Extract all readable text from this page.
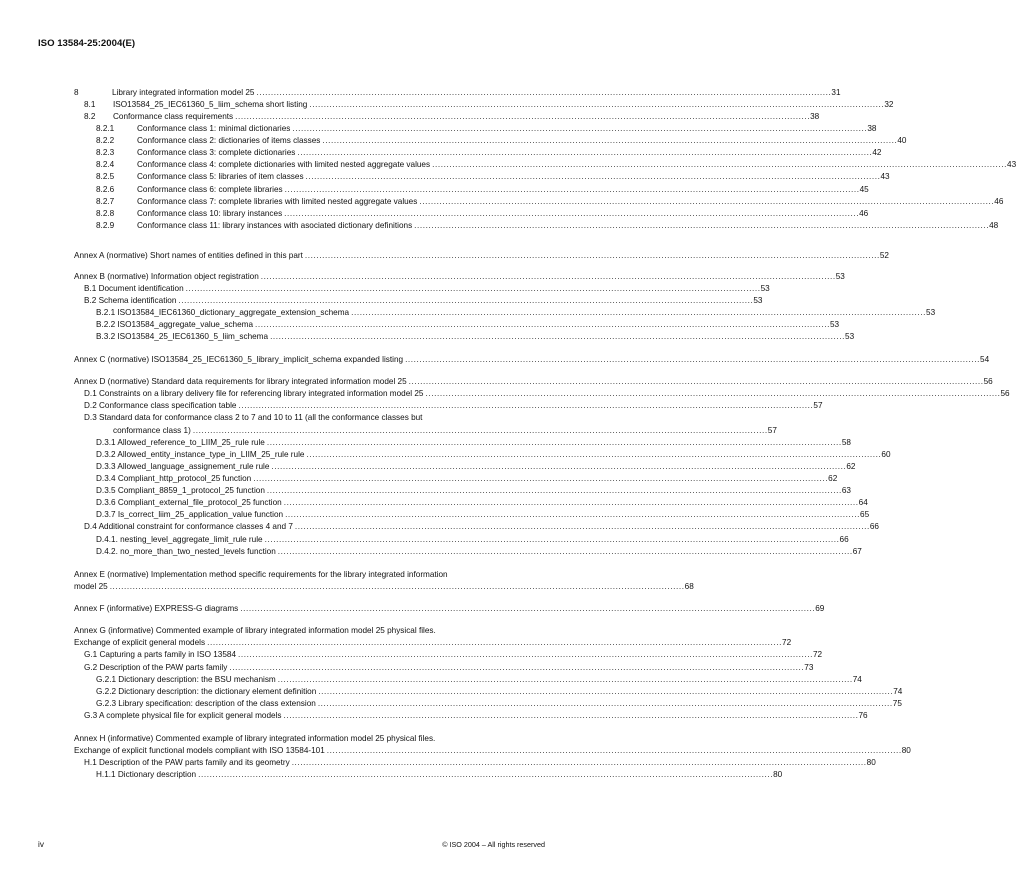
ISO 13584-25:2004(E)
8	Library integrated information model 25 ........................................................................................................................................................................................................ 31
8.1	ISO13584_25_IEC61360_5_liim_schema short listing ........................................................................................................................................................................................................ 32
8.2	Conformance class requirements ........................................................................................................................................................................................................ 38
8.2.1	Conformance class 1: minimal dictionaries ........................................................................................................................................................................................................ 38
8.2.2	Conformance class 2: dictionaries of items classes ........................................................................................................................................................................................................ 40
8.2.3	Conformance class 3: complete dictionaries ........................................................................................................................................................................................................ 42
8.2.4	Conformance class 4: complete dictionaries with limited nested aggregate values ........................................................................................................................................................................................................ 43
8.2.5	Conformance class 5: libraries of item classes ........................................................................................................................................................................................................ 43
8.2.6	Conformance class 6: complete libraries ........................................................................................................................................................................................................ 45
8.2.7	Conformance class 7: complete libraries with limited nested aggregate values ........................................................................................................................................................................................................ 46
8.2.8	Conformance class 10: library instances ........................................................................................................................................................................................................ 46
8.2.9	Conformance class 11: library instances with asociated dictionary definitions ........................................................................................................................................................................................................ 48
Annex A (normative) Short names of entities defined in this part ........................................................................................................................................................................................................ 52
Annex B (normative) Information object registration ........................................................................................................................................................................................................ 53
B.1 Document identification ........................................................................................................................................................................................................ 53
B.2 Schema identification ........................................................................................................................................................................................................ 53
B.2.1 ISO13584_IEC61360_dictionary_aggregate_extension_schema ........................................................................................................................................................................................................ 53
B.2.2 ISO13584_aggregate_value_schema ........................................................................................................................................................................................................ 53
B.3.2 ISO13584_25_IEC61360_5_liim_schema ........................................................................................................................................................................................................ 53
Annex C (normative) ISO13584_25_IEC61360_5_library_implicit_schema expanded listing ........................................................................................................................................................................................................ 54
Annex D (normative) Standard data requirements for library integrated information model 25 ........................................................................................................................................................................................................ 56
D.1 Constraints on a library delivery file for referencing library integrated information model 25 ........................................................................................................................................................................................................ 56
D.2 Conformance class specification table ........................................................................................................................................................................................................ 57
D.3 Standard data for conformance class 2 to 7 and 10 to 11 (all the conformance classes but
conformance class 1) ........................................................................................................................................................................................................ 57
D.3.1 Allowed_reference_to_LIIM_25_rule rule ........................................................................................................................................................................................................ 58
D.3.2 Allowed_entity_instance_type_in_LIIM_25_rule rule ........................................................................................................................................................................................................ 60
D.3.3 Allowed_language_assignement_rule rule ........................................................................................................................................................................................................ 62
D.3.4 Compliant_http_protocol_25 function ........................................................................................................................................................................................................ 62
D.3.5 Compliant_8859_1_protocol_25 function ........................................................................................................................................................................................................ 63
D.3.6 Compliant_external_file_protocol_25 function ........................................................................................................................................................................................................ 64
D.3.7 Is_correct_liim_25_application_value function ........................................................................................................................................................................................................ 65
D.4 Additional constraint for conformance classes 4 and 7 ........................................................................................................................................................................................................ 66
D.4.1. nesting_level_aggregate_limit_rule rule ........................................................................................................................................................................................................ 66
D.4.2. no_more_than_two_nested_levels function ........................................................................................................................................................................................................ 67
Annex E (normative) Implementation method specific requirements for the library integrated information
model 25 ........................................................................................................................................................................................................ 68
Annex F (informative) EXPRESS-G diagrams ........................................................................................................................................................................................................ 69
Annex G (informative) Commented example of library integrated information model 25 physical files.
Exchange of explicit general models ........................................................................................................................................................................................................ 72
G.1 Capturing a parts family in ISO 13584 ........................................................................................................................................................................................................ 72
G.2 Description of the PAW parts family ........................................................................................................................................................................................................ 73
G.2.1 Dictionary description: the BSU mechanism ........................................................................................................................................................................................................ 74
G.2.2 Dictionary description: the dictionary element definition ........................................................................................................................................................................................................ 74
G.2.3 Library specification: description of the class extension ........................................................................................................................................................................................................ 75
G.3 A complete physical file for explicit general models ........................................................................................................................................................................................................ 76
Annex H (informative) Commented example of library integrated information model 25 physical files.
Exchange of explicit functional models compliant with ISO 13584-101 ........................................................................................................................................................................................................ 80
H.1 Description of the PAW parts family and its geometry ........................................................................................................................................................................................................ 80
H.1.1 Dictionary description ........................................................................................................................................................................................................ 80
iv	© ISO 2004 – All rights reserved
